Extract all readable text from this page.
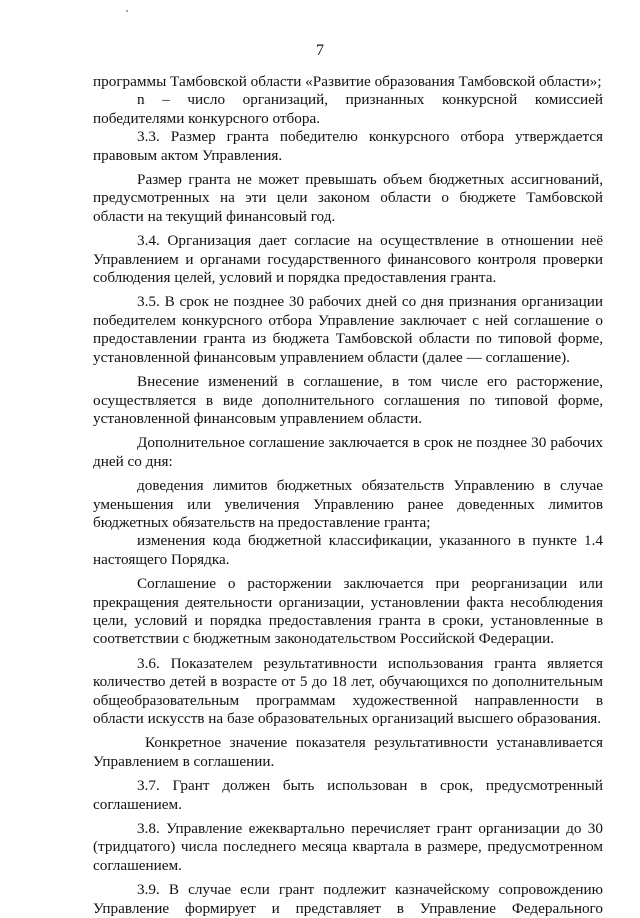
7

программы Тамбовской области «Развитие образования Тамбовской области»;

n – число организаций, признанных конкурсной комиссией победителями конкурсного отбора.

3.3. Размер гранта победителю конкурсного отбора утверждается правовым актом Управления.

Размер гранта не может превышать объем бюджетных ассигнований, предусмотренных на эти цели законом области о бюджете Тамбовской области на текущий финансовый год.

3.4. Организация дает согласие на осуществление в отношении неё Управлением и органами государственного финансового контроля проверки соблюдения целей, условий и порядка предоставления гранта.

3.5. В срок не позднее 30 рабочих дней со дня признания организации победителем конкурсного отбора Управление заключает с ней соглашение о предоставлении гранта из бюджета Тамбовской области по типовой форме, установленной финансовым управлением области (далее — соглашение).

Внесение изменений в соглашение, в том числе его расторжение, осуществляется в виде дополнительного соглашения по типовой форме, установленной финансовым управлением области.

Дополнительное соглашение заключается в срок не позднее 30 рабочих дней со дня:

доведения лимитов бюджетных обязательств Управлению в случае уменьшения или увеличения Управлению ранее доведенных лимитов бюджетных обязательств на предоставление гранта;

изменения кода бюджетной классификации, указанного в пункте 1.4 настоящего Порядка.

Соглашение о расторжении заключается при реорганизации или прекращения деятельности организации, установлении факта несоблюдения цели, условий и порядка предоставления гранта в сроки, установленные в соответствии с бюджетным законодательством Российской Федерации.

3.6. Показателем результативности использования гранта является количество детей в возрасте от 5 до 18 лет, обучающихся по дополнительным общеобразовательным программам художественной направленности в области искусств на базе образовательных организаций высшего образования.

Конкретное значение показателя результативности устанавливается Управлением в соглашении.

3.7. Грант должен быть использован в срок, предусмотренный соглашением.

3.8. Управление ежеквартально перечисляет грант организации до 30 (тридцатого) числа последнего месяца квартала в размере, предусмотренном соглашением.

3.9. В случае если грант подлежит казначейскому сопровождению Управление формирует и представляет в Управление Федерального
